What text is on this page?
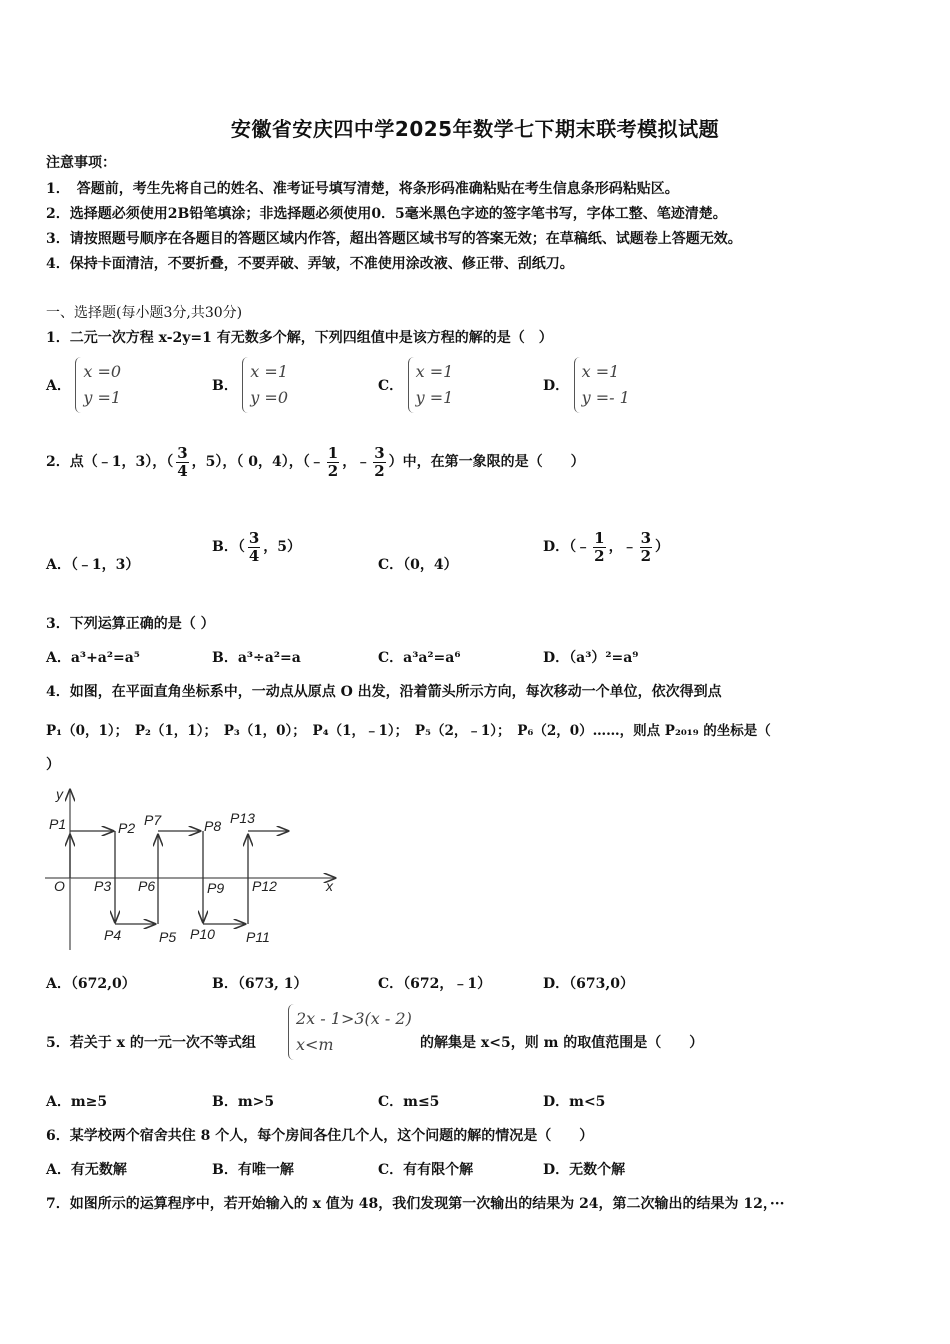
安徽省安庆四中学2025年数学七下期末联考模拟试题
注意事项：
1．　答题前，考生先将自己的姓名、准考证号填写清楚，将条形码准确粘贴在考生信息条形码粘贴区。
2．选择题必须使用2B铅笔填涂；非选择题必须使用0．5毫米黑色字迹的签字笔书写，字体工整、笔迹清楚。
3．请按照题号顺序在各题目的答题区域内作答，超出答题区域书写的答案无效；在草稿纸、试题卷上答题无效。
4．保持卡面清洁，不要折叠，不要弄破、弄皱，不准使用涂改液、修正带、刮纸刀。
一、选择题(每小题3分,共30分)
1．二元一次方程 x-2y=1 有无数多个解，下列四组值中是该方程的解的是（　）
A．
x =0
y =1
B．
x =1
y =0
C．
x =1
y =1
D．
x =1
y =- 1
2．点（﹣1，3），（ $\frac{3}{4}$ ，5），（ 0，4），（﹣ $\frac{1}{2}$ ，﹣ $\frac{3}{2}$ ）中，在第一象限的是（　　）
A．（﹣1，3）
B．（ $\frac{3}{4}$ ，5）
C．（0，4）
D．（﹣ $\frac{1}{2}$ ，﹣ $\frac{3}{2}$ ）
3．下列运算正确的是（ ）
A．a³+a²=a⁵	B．a³÷a²=a	C．a³a²=a⁶	D．（a³）²=a⁹
4．如图，在平面直角坐标系中，一动点从原点 O 出发，沿着箭头所示方向，每次移动一个单位，依次得到点
P₁（0，1）；　P₂（1，1）；　P₃（1，0）；　P₄（1，﹣1）；　P₅（2，﹣1）；　P₆（2，0）……，则点 P₂₀₁₉ 的坐标是（
）
y
x
O
P1	P2
P3
P4	P5
P6
P7	P8
P9
P10 P11
P12
P13
A．（672,0）	B．（673, 1）	C．（672，﹣1）	D．（673,0）
5．若关于 x 的一元一次不等式组
2x - 1>3(x - 2)
x<m	的解集是 x<5，则 m 的取值范围是（　　）
A．m≥5	B．m>5	C．m≤5	D．m<5
6．某学校两个宿舍共住 8 个人，每个房间各住几个人，这个问题的解的情况是（　　）
A．有无数解	B．有唯一解	C．有有限个解	D．无数个解
7．如图所示的运算程序中，若开始输入的 x 值为 48，我们发现第一次输出的结果为 24，第二次输出的结果为 12，···
